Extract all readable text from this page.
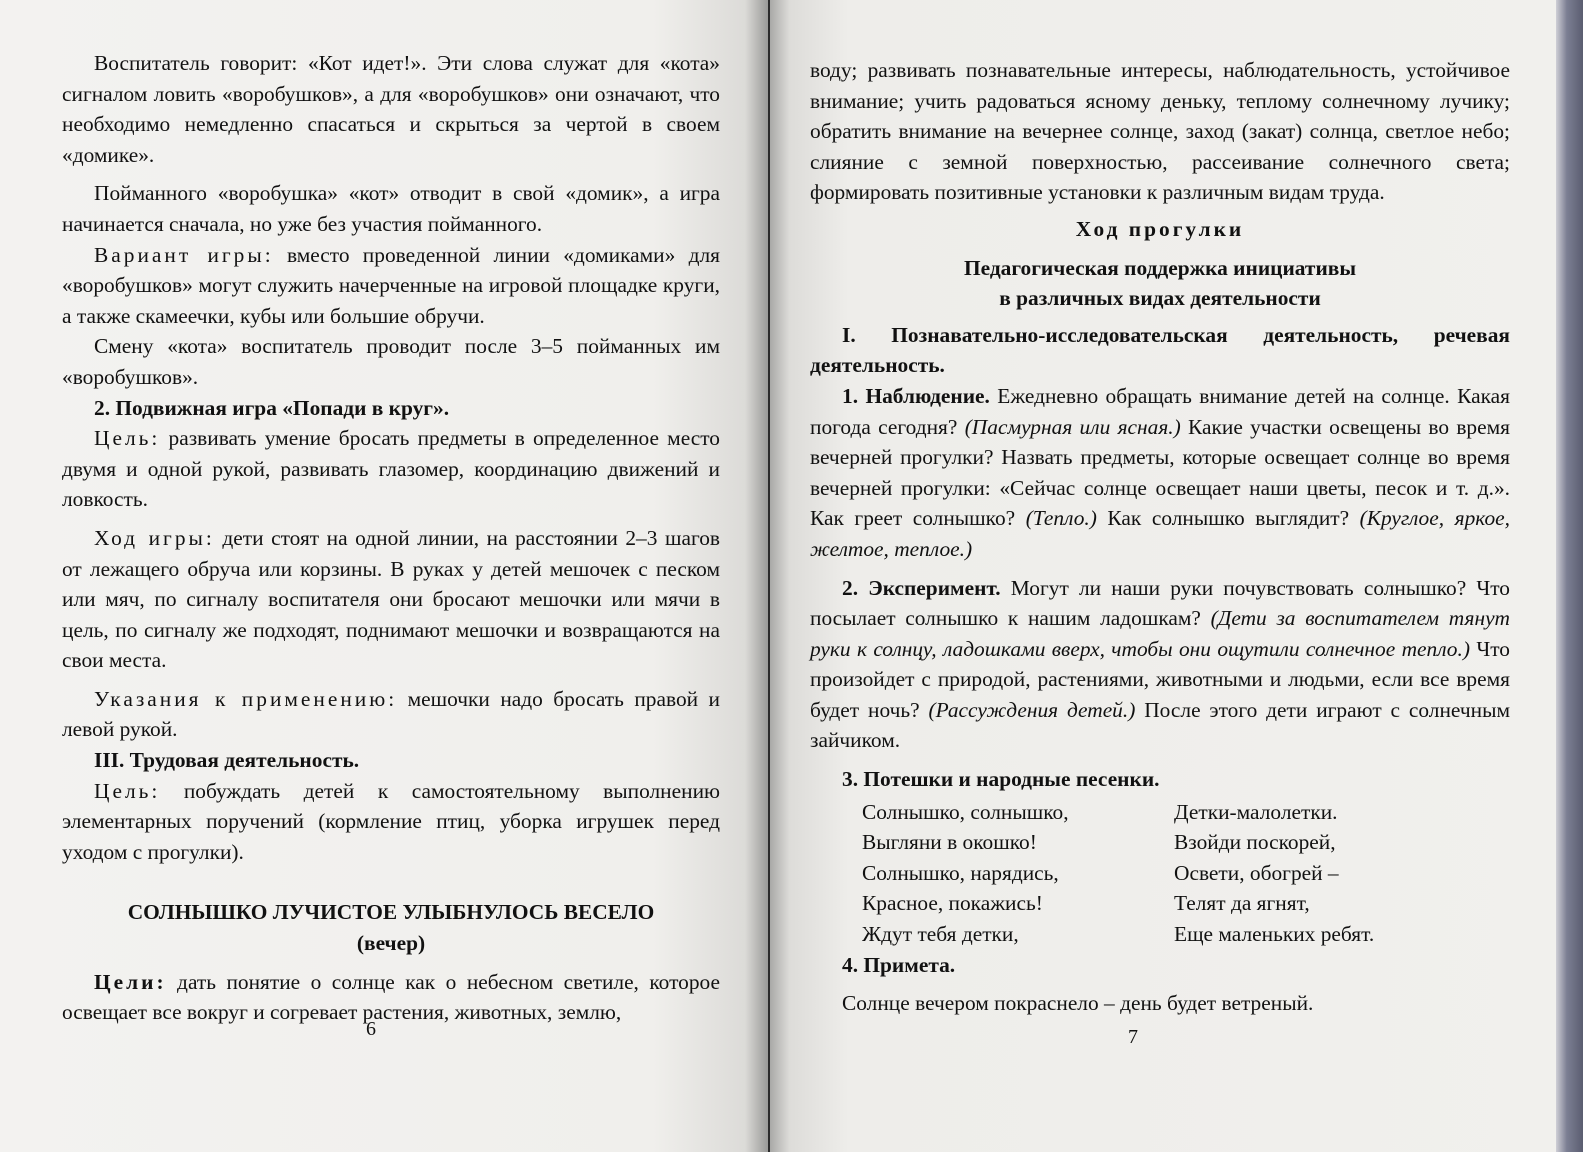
Воспитатель говорит: «Кот идет!». Эти слова служат для «кота» сигналом ловить «воробушков», а для «воробушков» они означают, что необходимо немедленно спасаться и скрыться за чертой в своем «домике».

Пойманного «воробушка» «кот» отводит в свой «домик», а игра начинается сначала, но уже без участия пойманного.

Вариант игры: вместо проведенной линии «домиками» для «воробушков» могут служить начерченные на игровой площадке круги, а также скамеечки, кубы или большие обручи.

Смену «кота» воспитатель проводит после 3–5 пойманных им «воробушков».

2. Подвижная игра «Попади в круг».

Цель: развивать умение бросать предметы в определенное место двумя и одной рукой, развивать глазомер, координацию движений и ловкость.

Ход игры: дети стоят на одной линии, на расстоянии 2–3 шагов от лежащего обруча или корзины. В руках у детей мешочек с песком или мяч, по сигналу воспитателя они бросают мешочки или мячи в цель, по сигналу же подходят, поднимают мешочки и возвращаются на свои места.

Указания к применению: мешочки надо бросать правой и левой рукой.

III. Трудовая деятельность.

Цель: побуждать детей к самостоятельному выполнению элементарных поручений (кормление птиц, уборка игрушек перед уходом с прогулки).

СОЛНЫШКО ЛУЧИСТОЕ УЛЫБНУЛОСЬ ВЕСЕЛО

(вечер)

Цели: дать понятие о солнце как о небесном светиле, которое освещает все вокруг и согревает растения, животных, землю,

6

воду; развивать познавательные интересы, наблюдательность, устойчивое внимание; учить радоваться ясному деньку, теплому солнечному лучику; обратить внимание на вечернее солнце, заход (закат) солнца, светлое небо; слияние с земной поверхностью, рассеивание солнечного света; формировать позитивные установки к различным видам труда.

Ход прогулки

Педагогическая поддержка инициативы

в различных видах деятельности

I. Познавательно-исследовательская деятельность, речевая деятельность.

1. Наблюдение. Ежедневно обращать внимание детей на солнце. Какая погода сегодня? (Пасмурная или ясная.) Какие участки освещены во время вечерней прогулки? Назвать предметы, которые освещает солнце во время вечерней прогулки: «Сейчас солнце освещает наши цветы, песок и т. д.». Как греет солнышко? (Тепло.) Как солнышко выглядит? (Круглое, яркое, желтое, теплое.)

2. Эксперимент. Могут ли наши руки почувствовать солнышко? Что посылает солнышко к нашим ладошкам? (Дети за воспитателем тянут руки к солнцу, ладошками вверх, чтобы они ощутили солнечное тепло.) Что произойдет с природой, растениями, животными и людьми, если все время будет ночь? (Рассуждения детей.) После этого дети играют с солнечным зайчиком.

3. Потешки и народные песенки.

Солнышко, солнышко,
Выгляни в окошко!
Солнышко, нарядись,
Красное, покажись!
Ждут тебя детки,
Детки-малолетки.
Взойди поскорей,
Освети, обогрей –
Телят да ягнят,
Еще маленьких ребят.

4. Примета.

Солнце вечером покраснело – день будет ветреный.

7
